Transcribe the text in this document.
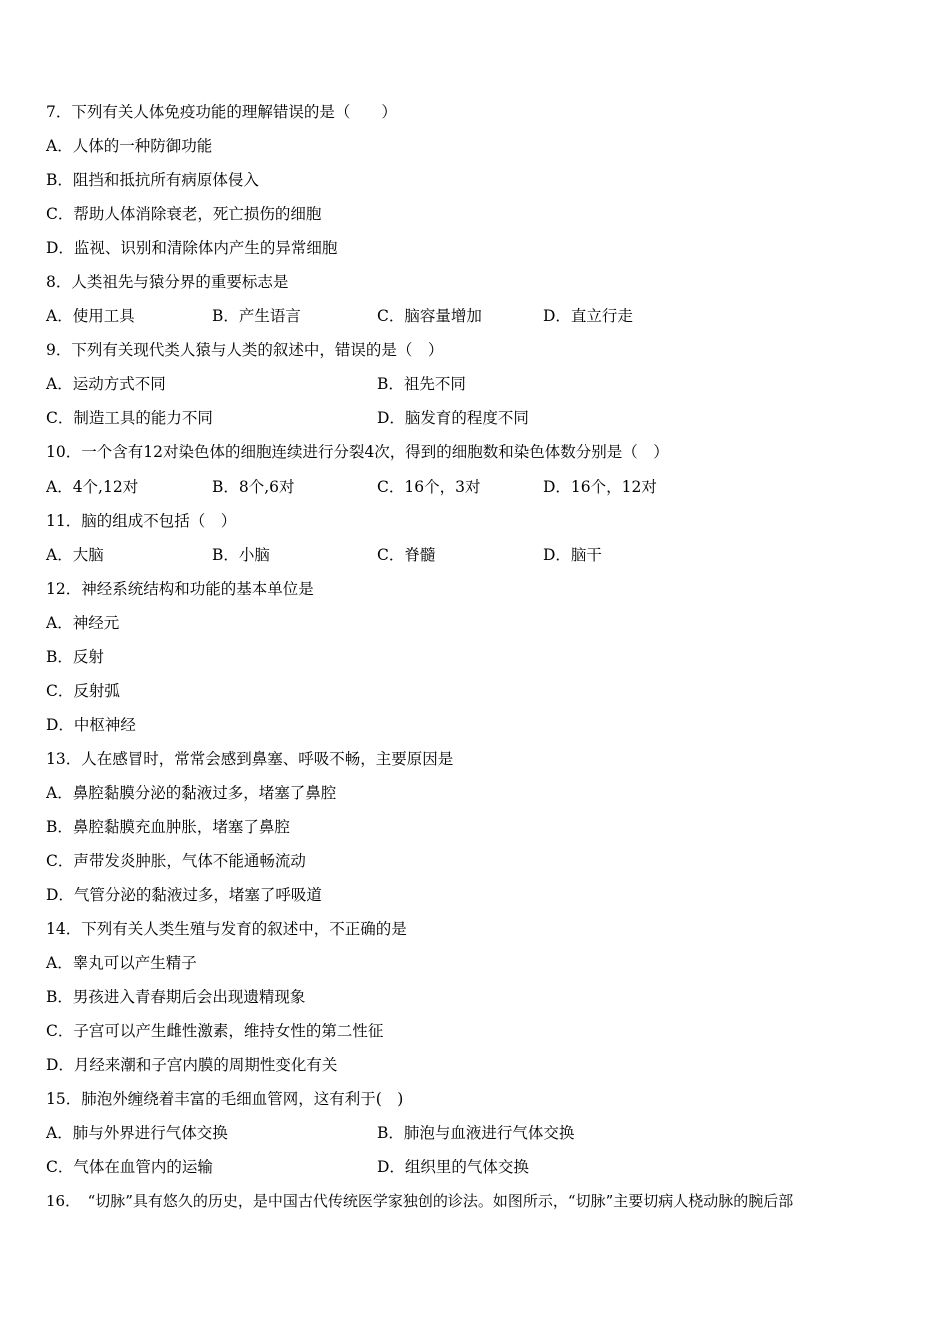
7．下列有关人体免疫功能的理解错误的是（　　）
A．人体的一种防御功能
B．阻挡和抵抗所有病原体侵入
C．帮助人体消除衰老，死亡损伤的细胞
D．监视、识别和清除体内产生的异常细胞
8．人类祖先与猿分界的重要标志是
A．使用工具	B．产生语言	C．脑容量增加	D．直立行走
9．下列有关现代类人猿与人类的叙述中，错误的是（　）
A．运动方式不同	B．祖先不同
C．制造工具的能力不同	D．脑发育的程度不同
10．一个含有12对染色体的细胞连续进行分裂4次，得到的细胞数和染色体数分别是（　）
A．4个,12对	B．8个,6对	C．16个，3对	D．16个，12对
11．脑的组成不包括（　）
A．大脑	B．小脑	C．脊髓	D．脑干
12．神经系统结构和功能的基本单位是
A．神经元
B．反射
C．反射弧
D．中枢神经
13．人在感冒时，常常会感到鼻塞、呼吸不畅，主要原因是
A．鼻腔黏膜分泌的黏液过多，堵塞了鼻腔
B．鼻腔黏膜充血肿胀，堵塞了鼻腔
C．声带发炎肿胀，气体不能通畅流动
D．气管分泌的黏液过多，堵塞了呼吸道
14．下列有关人类生殖与发育的叙述中，不正确的是
A．睾丸可以产生精子
B．男孩进入青春期后会出现遗精现象
C．子宫可以产生雌性激素，维持女性的第二性征
D．月经来潮和子宫内膜的周期性变化有关
15．肺泡外缠绕着丰富的毛细血管网，这有利于(　)
A．肺与外界进行气体交换	B．肺泡与血液进行气体交换
C．气体在血管内的运输	D．组织里的气体交换
16．　“切脉”具有悠久的历史，是中国古代传统医学家独创的诊法。如图所示，“切脉”主要切病人桡动脉的腕后部
